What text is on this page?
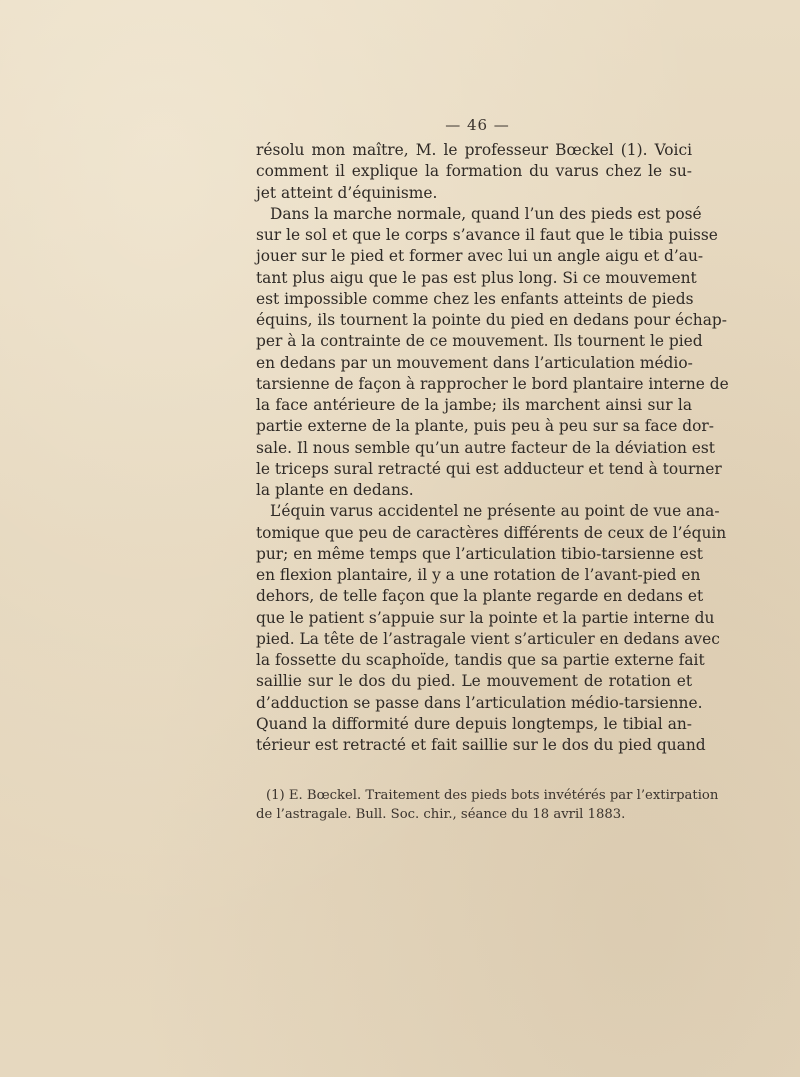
— 46 —
résolu mon maître, M. le professeur Bœckel (1). Voici
comment il explique la formation du varus chez le su-
jet atteint d’équinisme.
Dans la marche normale, quand l’un des pieds est posé
sur le sol et que le corps s’avance il faut que le tibia puisse
jouer sur le pied et former avec lui un angle aigu et d’au-
tant plus aigu que le pas est plus long. Si ce mouvement
est impossible comme chez les enfants atteints de pieds
équins, ils tournent la pointe du pied en dedans pour échap-
per à la contrainte de ce mouvement. Ils tournent le pied
en dedans par un mouvement dans l’articulation médio-
tarsienne de façon à rapprocher le bord plantaire interne de
la face antérieure de la jambe; ils marchent ainsi sur la
partie externe de la plante, puis peu à peu sur sa face dor-
sale. Il nous semble qu’un autre facteur de la déviation est
le triceps sural retracté qui est adducteur et tend à tourner
la plante en dedans.
L’équin varus accidentel ne présente au point de vue ana-
tomique que peu de caractères différents de ceux de l’équin
pur; en même temps que l’articulation tibio-tarsienne est
en flexion plantaire, il y a une rotation de l’avant-pied en
dehors, de telle façon que la plante regarde en dedans et
que le patient s’appuie sur la pointe et la partie interne du
pied. La tête de l’astragale vient s’articuler en dedans avec
la fossette du scaphoïde, tandis que sa partie externe fait
saillie sur le dos du pied. Le mouvement de rotation et
d’adduction se passe dans l’articulation médio-tarsienne.
Quand la difformité dure depuis longtemps, le tibial an-
térieur est retracté et fait saillie sur le dos du pied quand
(1) E. Bœckel. Traitement des pieds bots invétérés par l’extirpation
de l’astragale. Bull. Soc. chir., séance du 18 avril 1883.
